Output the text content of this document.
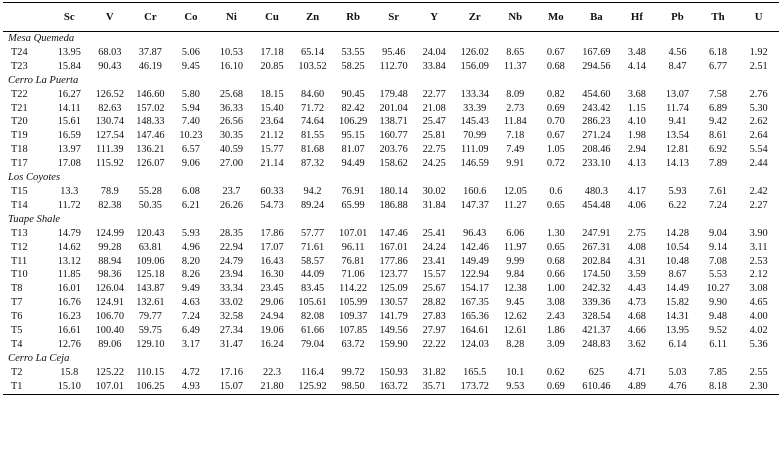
	Sc	V	Cr	Co	Ni	Cu	Zn	Rb	Sr	Y	Zr	Nb	Mo	Ba	Hf	Pb	Th	U
Mesa Quemeda																		
T24	13.95	68.03	37.87	5.06	10.53	17.18	65.14	53.55	95.46	24.04	126.02	8.65	0.67	167.69	3.48	4.56	6.18	1.92
T23	15.84	90.43	46.19	9.45	16.10	20.85	103.52	58.25	112.70	33.84	156.09	11.37	0.68	294.56	4.14	8.47	6.77	2.51
Cerro La Puerta																		
T22	16.27	126.52	146.60	5.80	25.68	18.15	84.60	90.45	179.48	22.77	133.34	8.09	0.82	454.60	3.68	13.07	7.58	2.76
T21	14.11	82.63	157.02	5.94	36.33	15.40	71.72	82.42	201.04	21.08	33.39	2.73	0.69	243.42	1.15	11.74	6.89	5.30
T20	15.61	130.74	148.33	7.40	26.56	23.64	74.64	106.29	138.71	25.47	145.43	11.84	0.70	286.23	4.10	9.41	9.42	2.62
T19	16.59	127.54	147.46	10.23	30.35	21.12	81.55	95.15	160.77	25.81	70.99	7.18	0.67	271.24	1.98	13.54	8.61	2.64
T18	13.97	111.39	136.21	6.57	40.59	15.77	81.68	81.07	203.76	22.75	111.09	7.49	1.05	208.46	2.94	12.81	6.92	5.54
T17	17.08	115.92	126.07	9.06	27.00	21.14	87.32	94.49	158.62	24.25	146.59	9.91	0.72	233.10	4.13	14.13	7.89	2.44
Los Coyotes																		
T15	13.3	78.9	55.28	6.08	23.7	60.33	94.2	76.91	180.14	30.02	160.6	12.05	0.6	480.3	4.17	5.93	7.61	2.42
T14	11.72	82.38	50.35	6.21	26.26	54.73	89.24	65.99	186.88	31.84	147.37	11.27	0.65	454.48	4.06	6.22	7.24	2.27
Tuape Shale																		
T13	14.79	124.99	120.43	5.93	28.35	17.86	57.77	107.01	147.46	25.41	96.43	6.06	1.30	247.91	2.75	14.28	9.04	3.90
T12	14.62	99.28	63.81	4.96	22.94	17.07	71.61	96.11	167.01	24.24	142.46	11.97	0.65	267.31	4.08	10.54	9.14	3.11
T11	13.12	88.94	109.06	8.20	24.79	16.43	58.57	76.81	177.86	23.41	149.49	9.99	0.68	202.84	4.31	10.48	7.08	2.53
T10	11.85	98.36	125.18	8.26	23.94	16.30	44.09	71.06	123.77	15.57	122.94	9.84	0.66	174.50	3.59	8.67	5.53	2.12
T8	16.01	126.04	143.87	9.49	33.34	23.45	83.45	114.22	125.09	25.67	154.17	12.38	1.00	242.32	4.43	14.49	10.27	3.08
T7	16.76	124.91	132.61	4.63	33.02	29.06	105.61	105.99	130.57	28.82	167.35	9.45	3.08	339.36	4.73	15.82	9.90	4.65
T6	16.23	106.70	79.77	7.24	32.58	24.94	82.08	109.37	141.79	27.83	165.36	12.62	2.43	328.54	4.68	14.31	9.48	4.00
T5	16.61	100.40	59.75	6.49	27.34	19.06	61.66	107.85	149.56	27.97	164.61	12.61	1.86	421.37	4.66	13.95	9.52	4.02
T4	12.76	89.06	129.10	3.17	31.47	16.24	79.04	63.72	159.90	22.22	124.03	8.28	3.09	248.83	3.62	6.14	6.11	5.36
Cerro La Ceja																		
T2	15.8	125.22	110.15	4.72	17.16	22.3	116.4	99.72	150.93	31.82	165.5	10.1	0.62	625	4.71	5.03	7.85	2.55
T1	15.10	107.01	106.25	4.93	15.07	21.80	125.92	98.50	163.72	35.71	173.72	9.53	0.69	610.46	4.89	4.76	8.18	2.30
